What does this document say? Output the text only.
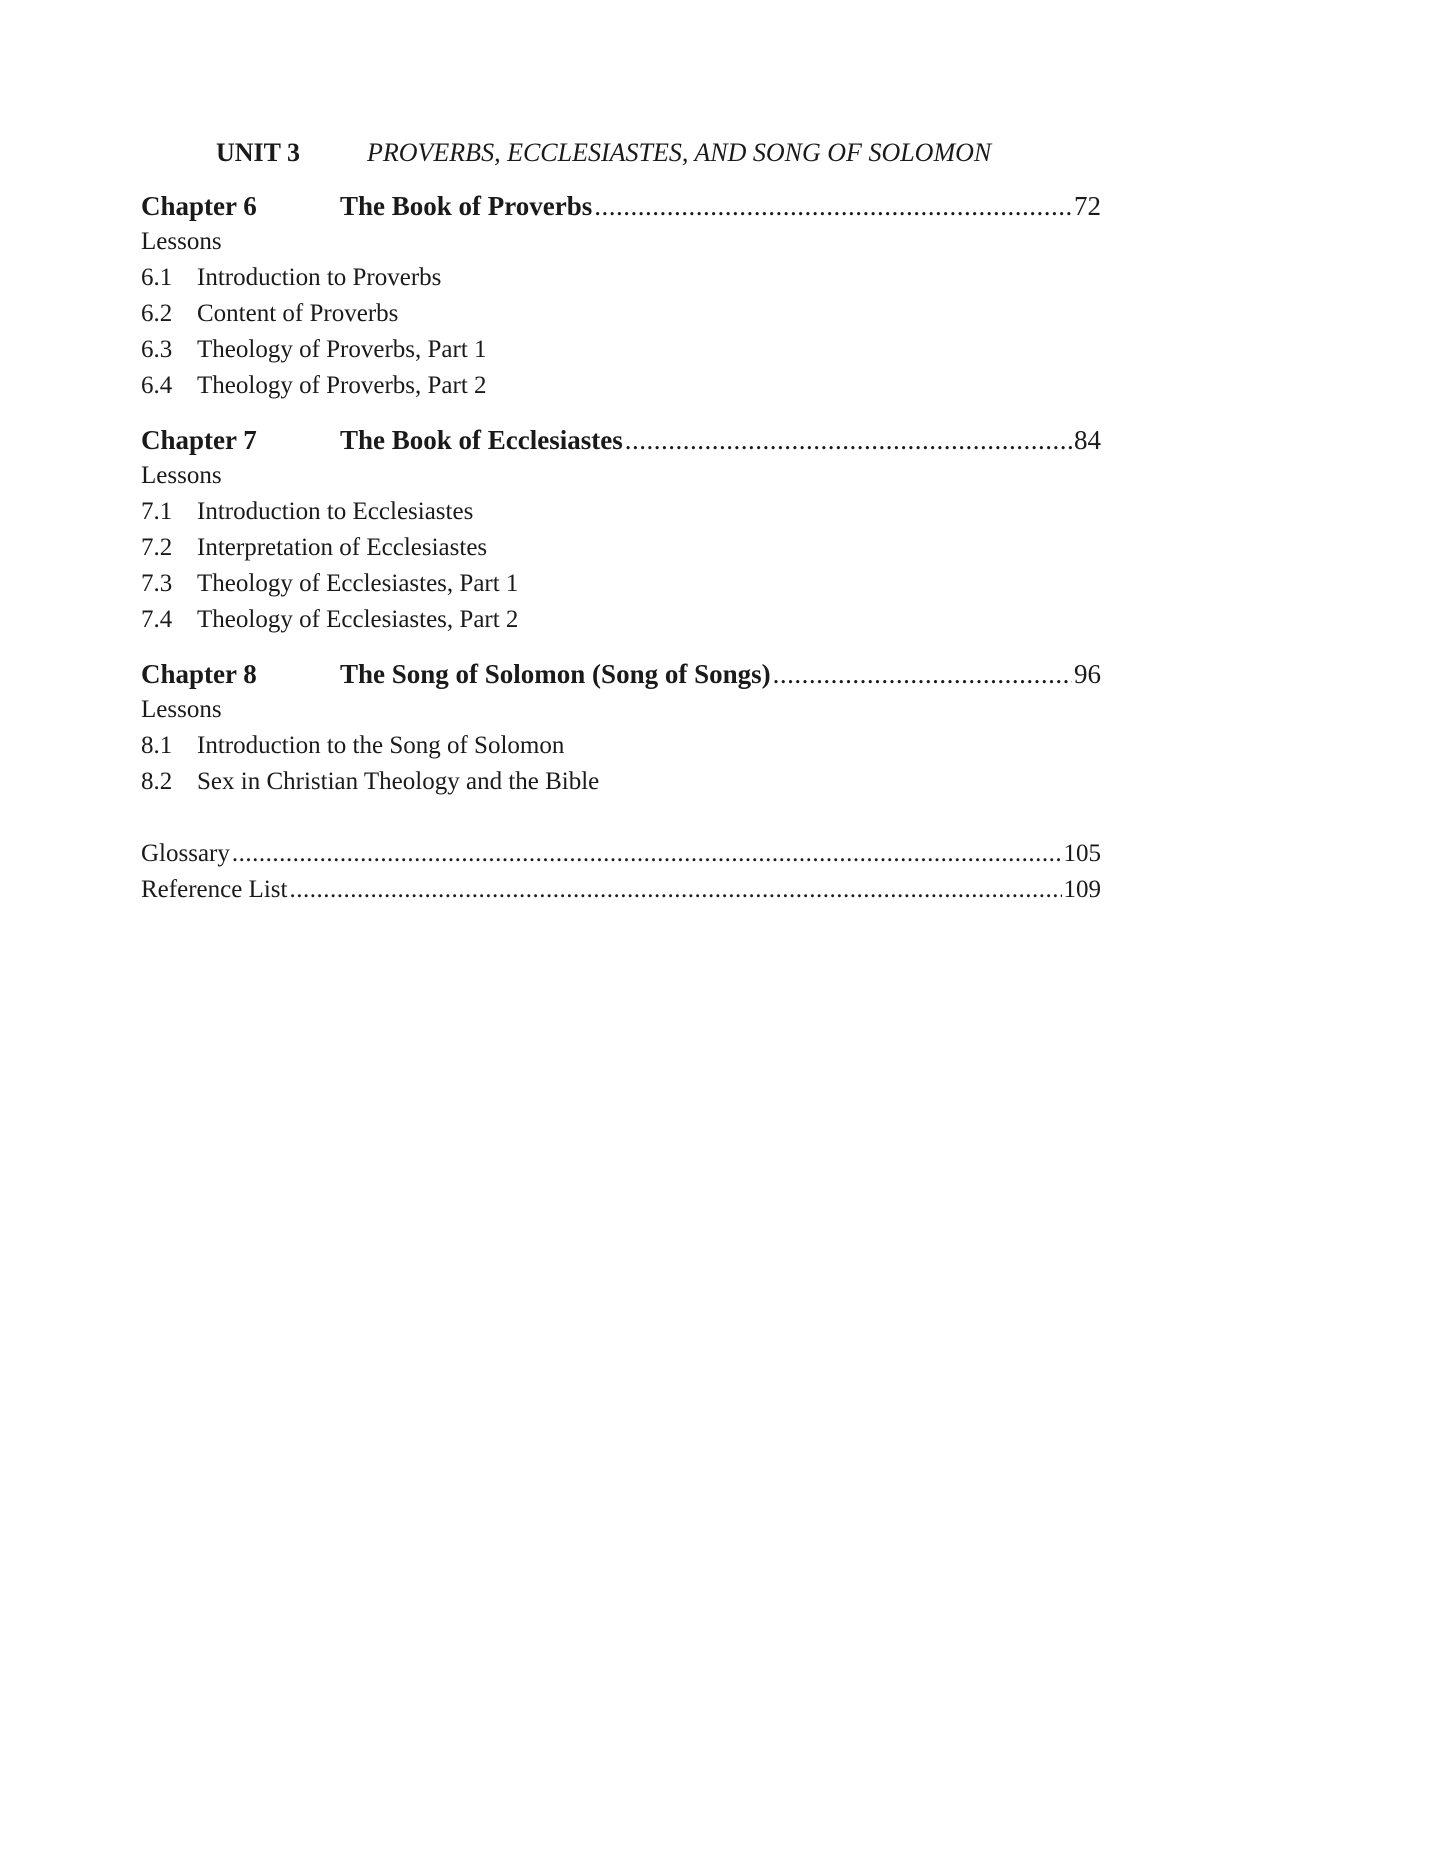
UNIT 3	PROVERBS, ECCLESIASTES, AND SONG OF SOLOMON
Chapter 6	The Book of Proverbs .....	72
Lessons
6.1 Introduction to Proverbs
6.2 Content of Proverbs
6.3 Theology of Proverbs, Part 1
6.4 Theology of Proverbs, Part 2
Chapter 7	The Book of Ecclesiastes .....	84
Lessons
7.1 Introduction to Ecclesiastes
7.2 Interpretation of Ecclesiastes
7.3 Theology of Ecclesiastes, Part 1
7.4 Theology of Ecclesiastes, Part 2
Chapter 8	The Song of Solomon (Song of Songs) .....	96
Lessons
8.1 Introduction to the Song of Solomon
8.2 Sex in Christian Theology and the Bible
Glossary .....	105
Reference List .....	109
